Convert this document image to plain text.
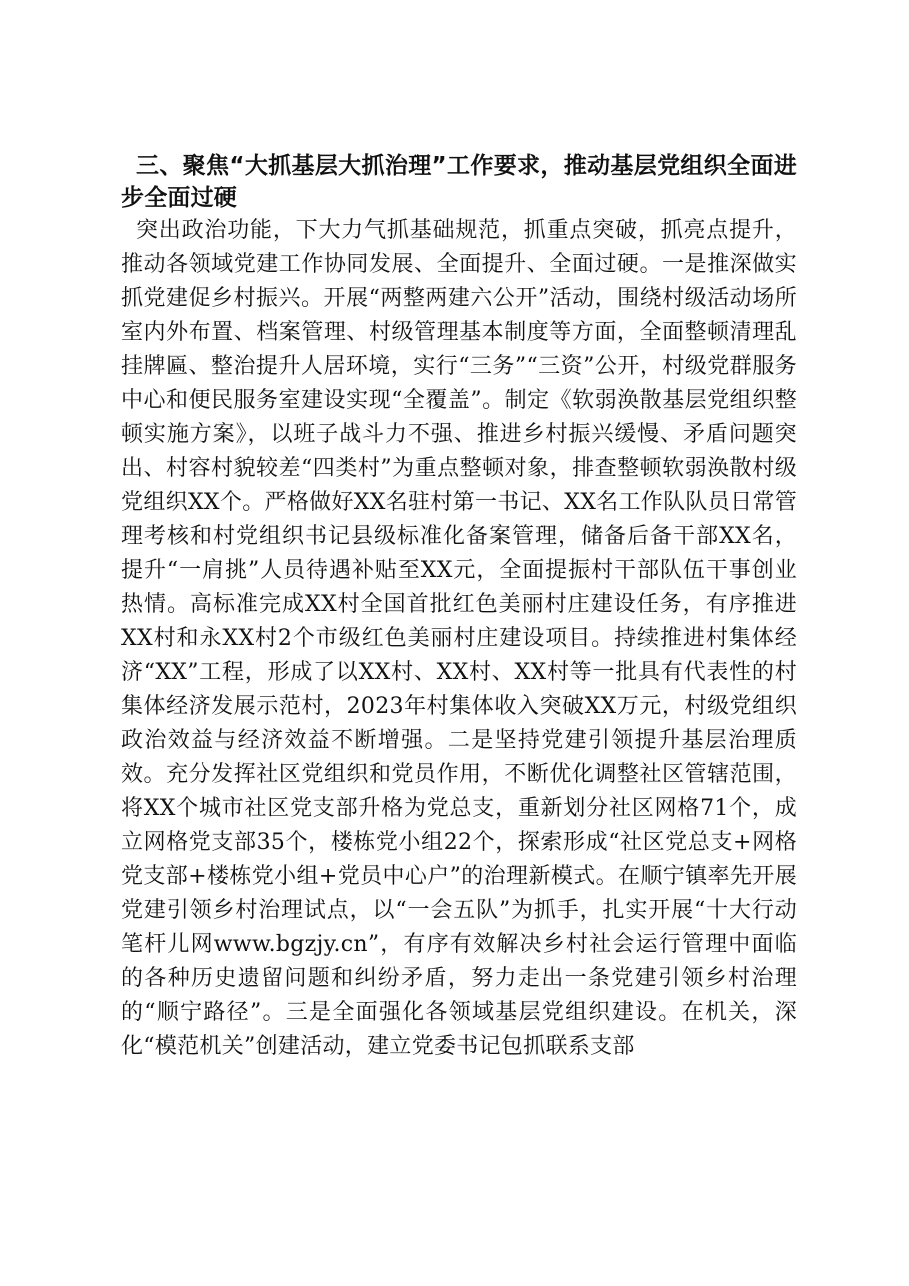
三、聚焦“大抓基层大抓治理”工作要求，推动基层党组织全面进步全面过硬

突出政治功能，下大力气抓基础规范，抓重点突破，抓亮点提升，推动各领域党建工作协同发展、全面提升、全面过硬。一是推深做实抓党建促乡村振兴。开展“两整两建六公开”活动，围绕村级活动场所室内外布置、档案管理、村级管理基本制度等方面，全面整顿清理乱挂牌匾、整治提升人居环境，实行“三务”“三资”公开，村级党群服务中心和便民服务室建设实现“全覆盖”。制定《软弱涣散基层党组织整顿实施方案》，以班子战斗力不强、推进乡村振兴缓慢、矛盾问题突出、村容村貌较差“四类村”为重点整顿对象，排查整顿软弱涣散村级党组织XX个。严格做好XX名驻村第一书记、XX名工作队队员日常管理考核和村党组织书记县级标准化备案管理，储备后备干部XX名，提升“一肩挑”人员待遇补贴至XX元，全面提振村干部队伍干事创业热情。高标准完成XX村全国首批红色美丽村庄建设任务，有序推进XX村和永XX村2个市级红色美丽村庄建设项目。持续推进村集体经济“XX”工程，形成了以XX村、XX村、XX村等一批具有代表性的村集体经济发展示范村，2023年村集体收入突破XX万元，村级党组织政治效益与经济效益不断增强。二是坚持党建引领提升基层治理质效。充分发挥社区党组织和党员作用，不断优化调整社区管辖范围，将XX个城市社区党支部升格为党总支，重新划分社区网格71个，成立网格党支部35个，楼栋党小组22个，探索形成“社区党总支+网格党支部+楼栋党小组+党员中心户”的治理新模式。在顺宁镇率先开展党建引领乡村治理试点，以“一会五队”为抓手，扎实开展“十大行动笔杆儿网www.bgzjy.cn”，有序有效解决乡村社会运行管理中面临的各种历史遗留问题和纠纷矛盾，努力走出一条党建引领乡村治理的“顺宁路径”。三是全面强化各领域基层党组织建设。在机关，深化“模范机关”创建活动，建立党委书记包抓联系支部
